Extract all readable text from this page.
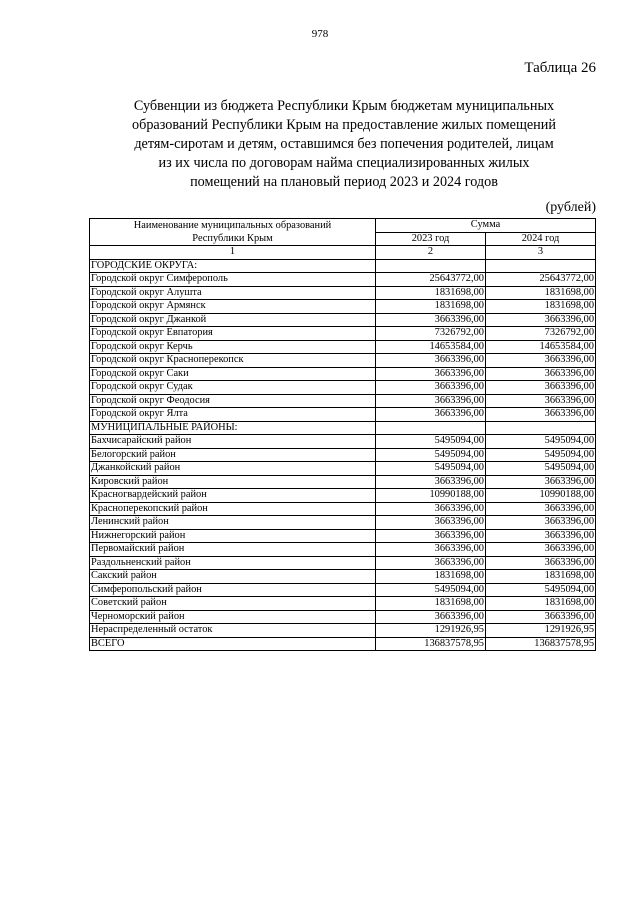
978
Таблица 26
Субвенции из бюджета Республики Крым бюджетам муниципальных
образований Республики Крым на предоставление жилых помещений
детям-сиротам и детям, оставшимся без попечения родителей, лицам
из их числа по договорам найма специализированных жилых
помещений на плановый период 2023 и 2024 годов
(рублей)
Наименование муниципальных образований
Республики Крым	Сумма	
	2023 год	2024 год
1	2	3
ГОРОДСКИЕ ОКРУГА:		
Городской округ Симферополь	25643772,00	25643772,00
Городской округ Алушта	1831698,00	1831698,00
Городской округ Армянск	1831698,00	1831698,00
Городской округ Джанкой	3663396,00	3663396,00
Городской округ Евпатория	7326792,00	7326792,00
Городской округ Керчь	14653584,00	14653584,00
Городской округ Красноперекопск	3663396,00	3663396,00
Городской округ Саки	3663396,00	3663396,00
Городской округ Судак	3663396,00	3663396,00
Городской округ Феодосия	3663396,00	3663396,00
Городской округ Ялта	3663396,00	3663396,00
МУНИЦИПАЛЬНЫЕ РАЙОНЫ:		
Бахчисарайский район	5495094,00	5495094,00
Белогорский район	5495094,00	5495094,00
Джанкойский район	5495094,00	5495094,00
Кировский район	3663396,00	3663396,00
Красногвардейский район	10990188,00	10990188,00
Красноперекопский район	3663396,00	3663396,00
Ленинский район	3663396,00	3663396,00
Нижнегорский район	3663396,00	3663396,00
Первомайский район	3663396,00	3663396,00
Раздольненский район	3663396,00	3663396,00
Сакский район	1831698,00	1831698,00
Симферопольский район	5495094,00	5495094,00
Советский район	1831698,00	1831698,00
Черноморский район	3663396,00	3663396,00
Нераспределенный остаток	1291926,95	1291926,95
ВСЕГО	136837578,95	136837578,95
